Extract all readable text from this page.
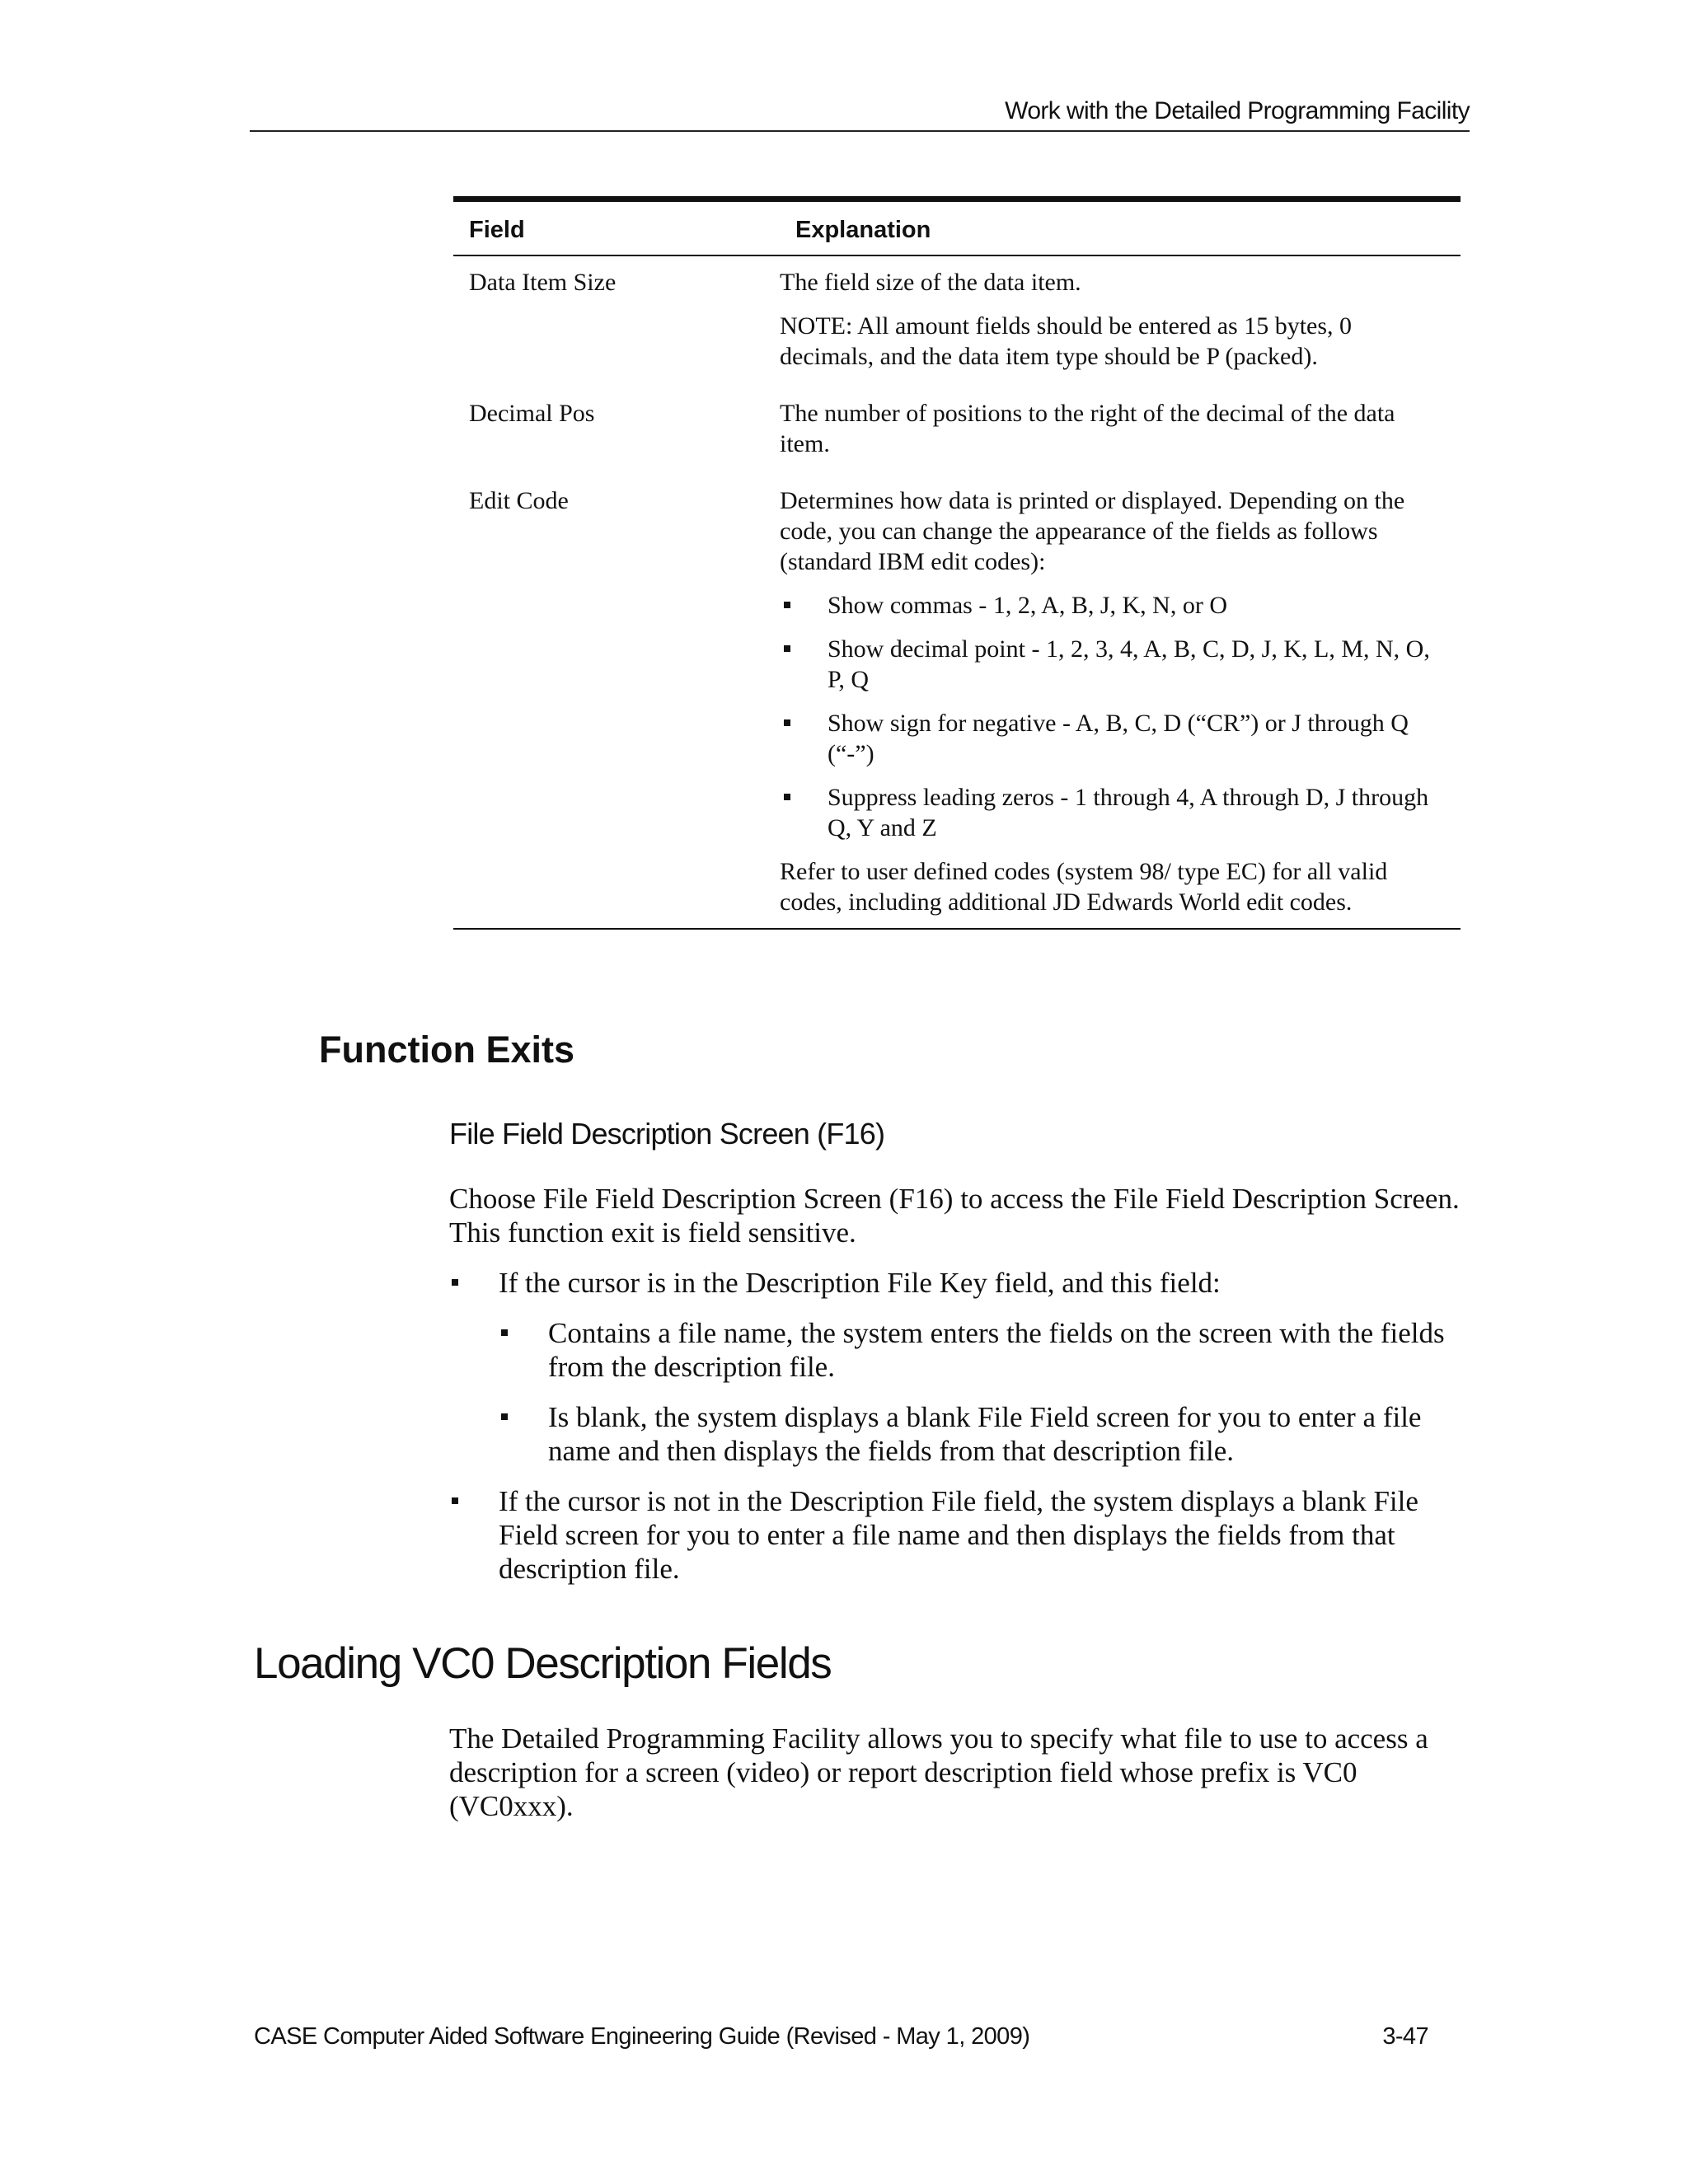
Work with the Detailed Programming Facility
Field	Explanation
Data Item Size	The field size of the data item.

NOTE: All amount fields should be entered as 15 bytes, 0 decimals, and the data item type should be P (packed).

Decimal Pos	The number of positions to the right of the decimal of the data item.

Edit Code	Determines how data is printed or displayed. Depending on the code, you can change the appearance of the fields as follows (standard IBM edit codes):

Show commas - 1, 2, A, B, J, K, N, or O
Show decimal point - 1, 2, 3, 4, A, B, C, D, J, K, L, M, N, O, P, Q
Show sign for negative - A, B, C, D (“CR”) or J through Q (“-”)
Suppress leading zeros - 1 through 4, A through D, J through Q, Y and Z

Refer to user defined codes (system 98/ type EC) for all valid codes, including additional JD Edwards World edit codes.

Function Exits
File Field Description Screen (F16)

Choose File Field Description Screen (F16) to access the File Field Description Screen. This function exit is field sensitive.

If the cursor is in the Description File Key field, and this field:
Contains a file name, the system enters the fields on the screen with the fields from the description file.
Is blank, the system displays a blank File Field screen for you to enter a file name and then displays the fields from that description file.
If the cursor is not in the Description File field, the system displays a blank File Field screen for you to enter a file name and then displays the fields from that description file.
Loading VC0 Description Fields

The Detailed Programming Facility allows you to specify what file to use to access a description for a screen (video) or report description field whose prefix is VC0 (VC0xxx).

CASE Computer Aided Software Engineering Guide (Revised - May 1, 2009)	3-47
